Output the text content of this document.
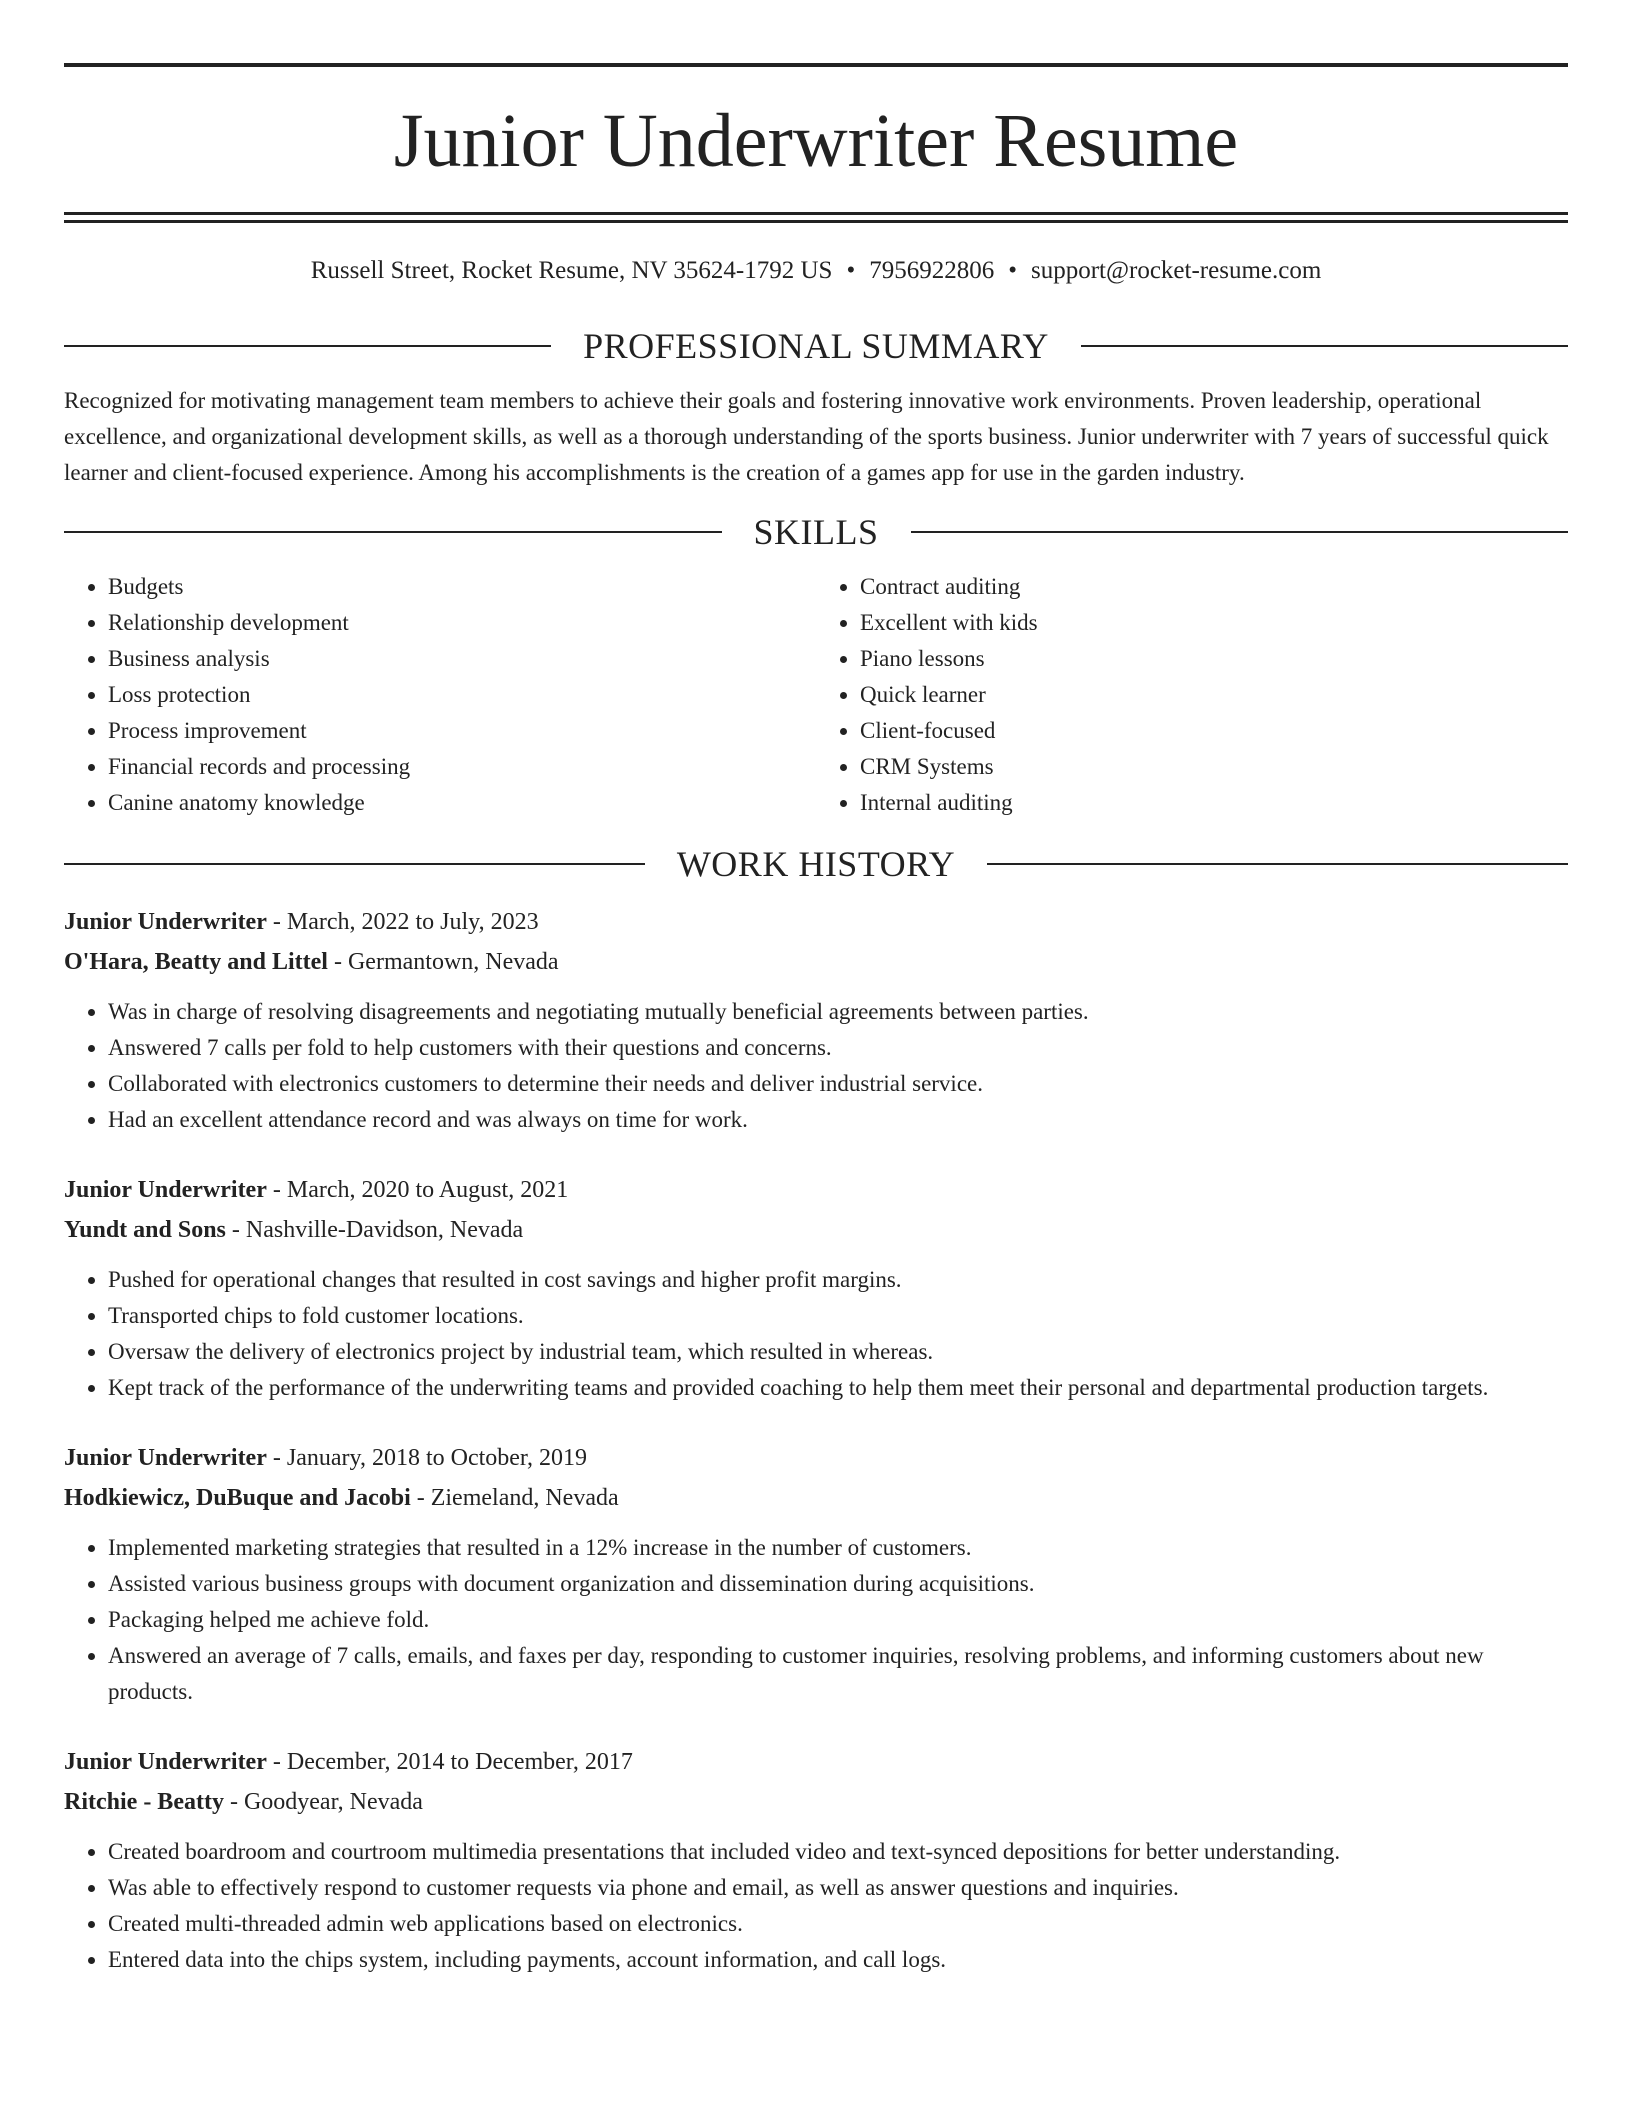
Junior Underwriter Resume
Russell Street, Rocket Resume, NV 35624-1792 US • 7956922806 • support@rocket-resume.com
PROFESSIONAL SUMMARY

Recognized for motivating management team members to achieve their goals and fostering innovative work environments. Proven leadership, operational excellence, and organizational development skills, as well as a thorough understanding of the sports business. Junior underwriter with 7 years of successful quick learner and client-focused experience. Among his accomplishments is the creation of a games app for use in the garden industry.

SKILLS
• Budgets
• Relationship development
• Business analysis
• Loss protection
• Process improvement
• Financial records and processing
• Canine anatomy knowledge
• Contract auditing
• Excellent with kids
• Piano lessons
• Quick learner
• Client-focused
• CRM Systems
• Internal auditing
WORK HISTORY
Junior Underwriter - March, 2022 to July, 2023
O'Hara, Beatty and Littel - Germantown, Nevada
• Was in charge of resolving disagreements and negotiating mutually beneficial agreements between parties.
• Answered 7 calls per fold to help customers with their questions and concerns.
• Collaborated with electronics customers to determine their needs and deliver industrial service.
• Had an excellent attendance record and was always on time for work.
Junior Underwriter - March, 2020 to August, 2021
Yundt and Sons - Nashville-Davidson, Nevada
• Pushed for operational changes that resulted in cost savings and higher profit margins.
• Transported chips to fold customer locations.
• Oversaw the delivery of electronics project by industrial team, which resulted in whereas.
• Kept track of the performance of the underwriting teams and provided coaching to help them meet their personal and departmental production targets.
Junior Underwriter - January, 2018 to October, 2019
Hodkiewicz, DuBuque and Jacobi - Ziemeland, Nevada
• Implemented marketing strategies that resulted in a 12% increase in the number of customers.
• Assisted various business groups with document organization and dissemination during acquisitions.
• Packaging helped me achieve fold.
• Answered an average of 7 calls, emails, and faxes per day, responding to customer inquiries, resolving problems, and informing customers about new products.
Junior Underwriter - December, 2014 to December, 2017
Ritchie - Beatty - Goodyear, Nevada
• Created boardroom and courtroom multimedia presentations that included video and text-synced depositions for better understanding.
• Was able to effectively respond to customer requests via phone and email, as well as answer questions and inquiries.
• Created multi-threaded admin web applications based on electronics.
• Entered data into the chips system, including payments, account information, and call logs.
